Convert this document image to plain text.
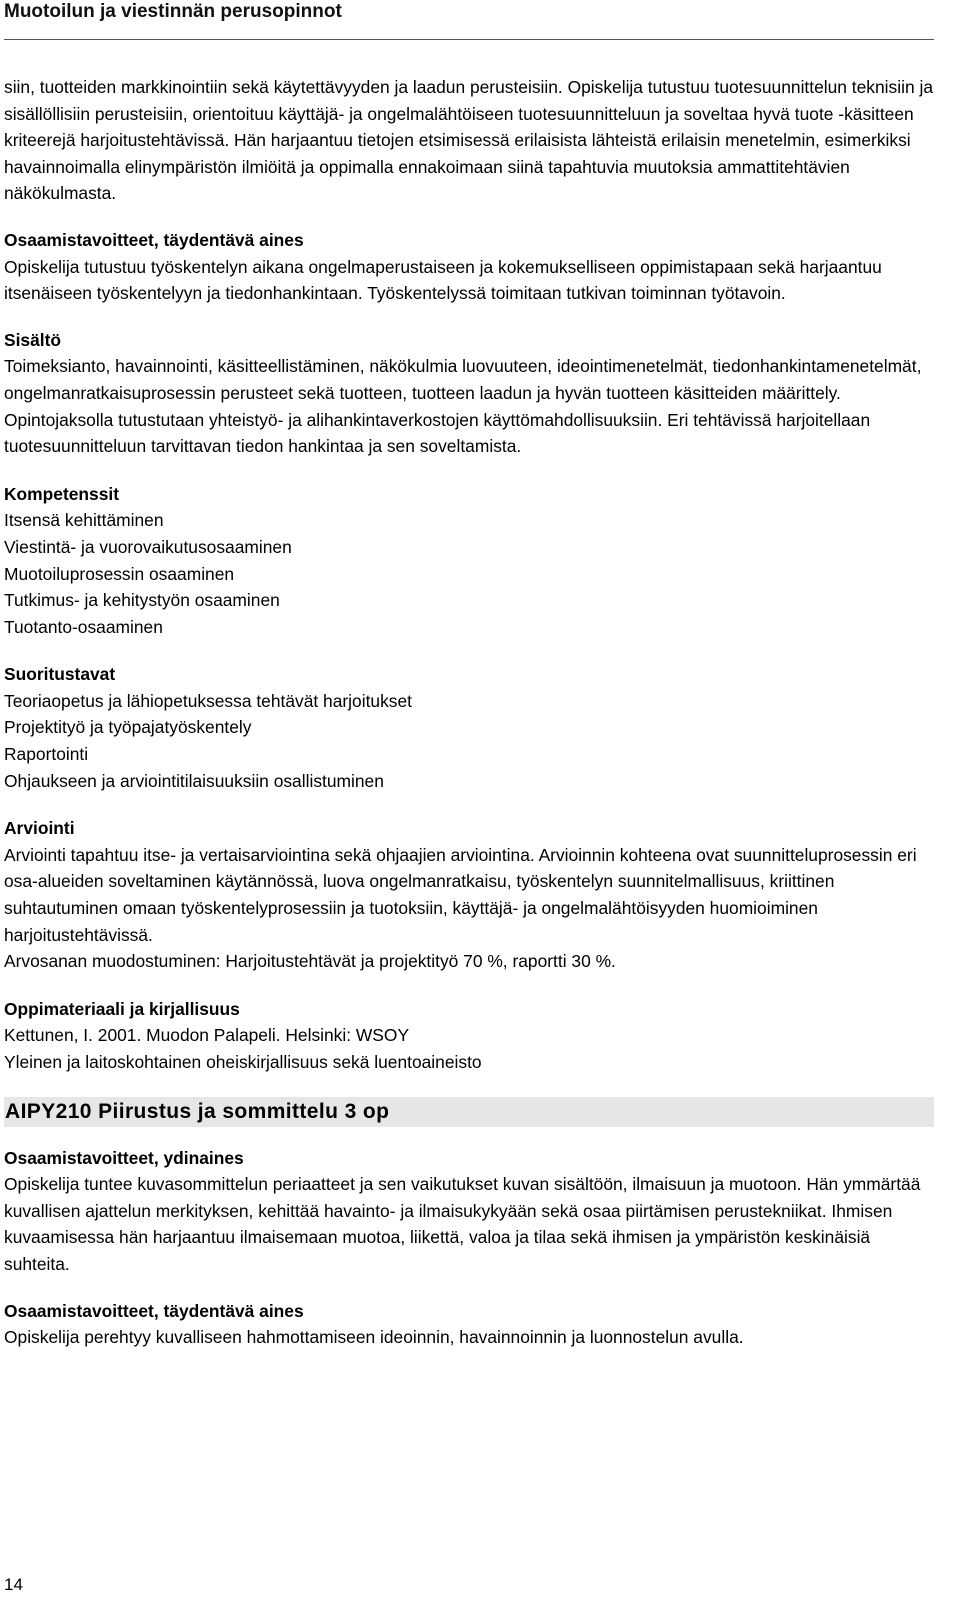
Muotoilun ja viestinnän perusopinnot

siin, tuotteiden markkinointiin sekä käytettävyyden ja laadun perusteisiin. Opiskelija tutustuu tuotesuunnittelun teknisiin ja sisällöllisiin perusteisiin, orientoituu käyttäjä- ja ongelmalähtöiseen tuotesuunnitteluun ja soveltaa hyvä tuote -käsitteen kriteerejä harjoitustehtävissä. Hän harjaantuu tietojen etsimisessä erilaisista lähteistä erilaisin menetelmin, esimerkiksi havainnoimalla elinympäristön ilmiöitä ja oppimalla ennakoimaan siinä tapahtuvia muutoksia ammattitehtävien näkökulmasta.

Osaamistavoitteet, täydentävä aines

Opiskelija tutustuu työskentelyn aikana ongelmaperustaiseen ja kokemukselliseen oppimistapaan sekä harjaantuu itsenäiseen työskentelyyn ja tiedonhankintaan. Työskentelyssä toimitaan tutkivan toiminnan työtavoin.

Sisältö

Toimeksianto, havainnointi, käsitteellistäminen, näkökulmia luovuuteen, ideointimenetelmät, tiedonhankintamenetelmät, ongelmanratkaisuprosessin perusteet sekä tuotteen, tuotteen laadun ja hyvän tuotteen käsitteiden määrittely. Opintojaksolla tutustutaan yhteistyö- ja alihankintaverkostojen käyttömahdollisuuksiin. Eri tehtävissä harjoitellaan tuotesuunnitteluun tarvittavan tiedon hankintaa ja sen soveltamista.

Kompetenssit

Itsensä kehittäminen

Viestintä- ja vuorovaikutusosaaminen

Muotoiluprosessin osaaminen

Tutkimus- ja kehitystyön osaaminen

Tuotanto-osaaminen

Suoritustavat

Teoriaopetus ja lähiopetuksessa tehtävät harjoitukset

Projektityö ja työpajatyöskentely

Raportointi

Ohjaukseen ja arviointitilaisuuksiin osallistuminen

Arviointi

Arviointi tapahtuu itse- ja vertaisarviointina sekä ohjaajien arviointina. Arvioinnin kohteena ovat suunnitteluprosessin eri osa-alueiden soveltaminen käytännössä, luova ongelmanratkaisu, työskentelyn suunnitelmallisuus, kriittinen suhtautuminen omaan työskentelyprosessiin ja tuotoksiin, käyttäjä- ja ongelmalähtöisyyden huomioiminen harjoitustehtävissä.

Arvosanan muodostuminen: Harjoitustehtävät ja projektityö 70 %, raportti 30 %.

Oppimateriaali ja kirjallisuus

Kettunen, I. 2001. Muodon Palapeli. Helsinki: WSOY

Yleinen ja laitoskohtainen oheiskirjallisuus sekä luentoaineisto

AIPY210 Piirustus ja sommittelu 3 op

Osaamistavoitteet, ydinaines

Opiskelija tuntee kuvasommittelun periaatteet ja sen vaikutukset kuvan sisältöön, ilmaisuun ja muotoon. Hän ymmärtää kuvallisen ajattelun merkityksen, kehittää havainto- ja ilmaisukykyään sekä osaa piirtämisen perustekniikat. Ihmisen kuvaamisessa hän harjaantuu ilmaisemaan muotoa, liikettä, valoa ja tilaa sekä ihmisen ja ympäristön keskinäisiä suhteita.

Osaamistavoitteet, täydentävä aines

Opiskelija perehtyy kuvalliseen hahmottamiseen ideoinnin, havainnoinnin ja luonnostelun avulla.

14
